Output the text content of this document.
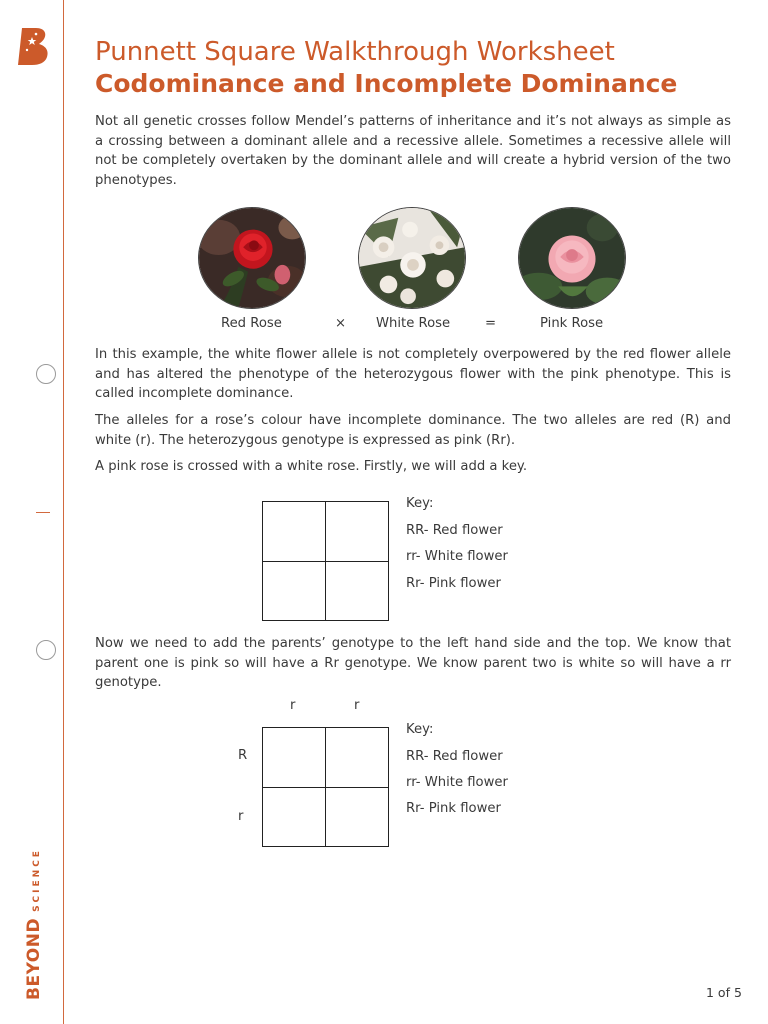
BEYONDSCIENCE
Punnett Square Walkthrough Worksheet
Codominance and Incomplete Dominance
Not all genetic crosses follow Mendel’s patterns of inheritance and it’s not always as simple as a crossing between a dominant allele and a recessive allele. Sometimes a recessive allele will not be completely overtaken by the dominant allele and will create a hybrid version of the two phenotypes.
Red Rose	× White Rose	=	Pink Rose
In this example, the white flower allele is not completely overpowered by the red flower allele and has altered the phenotype of the heterozygous flower with the pink phenotype. This is called incomplete dominance.
The alleles for a rose’s colour have incomplete dominance. The two alleles are red (R) and white (r). The heterozygous genotype is expressed as pink (Rr).
A pink rose is crossed with a white rose. Firstly, we will add a key.
Key:
RR- Red flower
rr- White flower
Rr- Pink flower
Now we need to add the parents’ genotype to the left hand side and the top. We know that parent one is pink so will have a Rr genotype. We know parent two is white so will have a rr genotype.
r	r
R
r
Key:
RR- Red flower
rr- White flower
Rr- Pink flower
1 of 5
